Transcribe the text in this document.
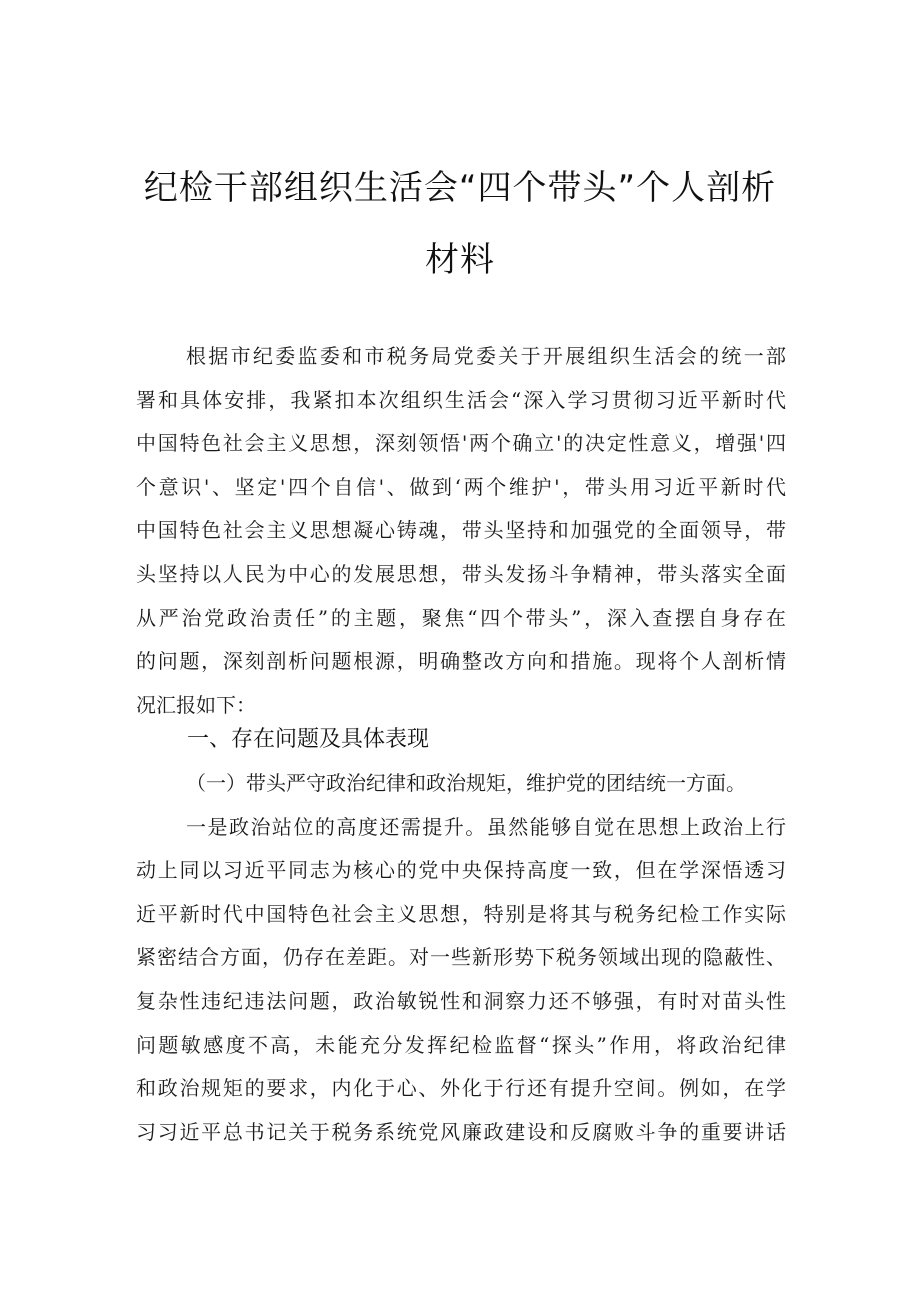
纪检干部组织生活会“四个带头”个人剖析
材料
根据市纪委监委和市税务局党委关于开展组织生活会的统一部
署和具体安排，我紧扣本次组织生活会“深入学习贯彻习近平新时代
中国特色社会主义思想，深刻领悟'两个确立'的决定性意义，增强'四
个意识'、坚定'四个自信'、做到‘两个维护'，带头用习近平新时代
中国特色社会主义思想凝心铸魂，带头坚持和加强党的全面领导，带
头坚持以人民为中心的发展思想，带头发扬斗争精神，带头落实全面
从严治党政治责任”的主题，聚焦“四个带头”，深入查摆自身存在
的问题，深刻剖析问题根源，明确整改方向和措施。现将个人剖析情
况汇报如下：
一、存在问题及具体表现
（一）带头严守政治纪律和政治规矩，维护党的团结统一方面。
一是政治站位的高度还需提升。虽然能够自觉在思想上政治上行
动上同以习近平同志为核心的党中央保持高度一致，但在学深悟透习
近平新时代中国特色社会主义思想，特别是将其与税务纪检工作实际
紧密结合方面，仍存在差距。对一些新形势下税务领域出现的隐蔽性、
复杂性违纪违法问题，政治敏锐性和洞察力还不够强，有时对苗头性
问题敏感度不高，未能充分发挥纪检监督“探头”作用，将政治纪律
和政治规矩的要求，内化于心、外化于行还有提升空间。例如，在学
习习近平总书记关于税务系统党风廉政建设和反腐败斗争的重要讲话
